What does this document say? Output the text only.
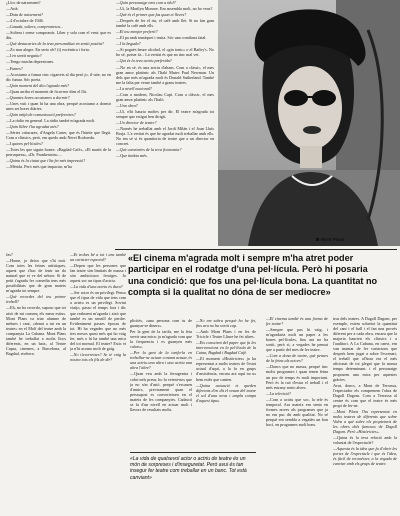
¿Lloc de naixement?

—Artà.

—Data de naixement?

—4 d'octubre de 1946.

—Casada, solters, compromesos...

—Soltera i sense compromís. Liber y sola com el vent: que es diu.

—Què destacaries de la teva personalitat en sentit positiu?

—Zo mar alegre. En serio oh? (i) excèntica i forta.

—I en sentit negatiu?

—Tengo mucha depresiones.

—Fumes?

—Acostumo a fumar cinc cigarrets al dia però jo, il·uite, no en dic fumar. Sóc poeta.

—Quin moment del dia t'agrada més?

—Quan arriba el moment de ficar-me dins el llit.

—Quantes hores acostumes a dormir?

—Unes vuit i quan hi ha una obra, perquè acostumo a dormir unes set hores diàries.

—Quin mitjà de comunicació prefereixes?

—La ràdio en general. La ràdio també m'agrada molt.

—Quin llibre t'ha agradat més?

—Sèries criturares, d'Angela Carter, que és l'hàrite que llegit. Com a clàssics, però, em quedo amb Nerei Rodoreda.

—I quines pel·lícules?

—Totes les que siguin bones: «Bagdad Cafè», «El martit de la perruquera», «Dr. Frankestein»....

—Quina és la ciutat que t'ha fet més impressió?

—Mèrida. Però més que impactar, m'ha

—Quin personatge tens com a ídol?

—Ui, la Marilyn Monroe. Em assembla molt, no ho veus?

—Què és el primer que fas quan et lleves?

—Després de fer el riu, el cafè amb llet. Si no fan gam també la cafè amb ells.

—El teu menjar preferit?

—El pa amb tomàquet i truita. Sóc una comilona fatal.

—I la beguda?

—Si poguès beure alcohol, el «gin tonic» o el Bailey's. No ho sé, potser fa... La veritat és que no tinc mal vei.

—Qui és la teva actriu preferida?

—No en sé, és una actriu d'abans. Com a clàssic, el mes gran amor platònic als l'Italó Mutec Paul Newman. Un dels que més m'agrada molt és Donald Sutherland. També me la falta per veure també a grans teatres.

—I a nivell nacional?

—Com a modern, Nicolau Capí. Com a clàssic, el mes gran amor platònic als l'Italó.

—Una obra?

—Ui, n'hi hauria moltes per dir. El teatre m'agrada tot sempre que estigui ben dirigit.

—Un director de teatre?

—Només he treballat amb el Jordi Milán i el Joan Lluís Borja. L'a veritat és que he agradat molt treballar amb ells. No em sé si és quantioria de teatre que a un director en concret.

—Què canviaries de la teva fisonomia?

—Que tindria més.

Mont Plans
«El cinema m'agrada molt i sempre m'ha atret poder participar en el rodatge d'una pel·lícula. Però hi posaria una condició: que fos una pel·lícula bona. La quantitat no compta si la qualitat no dóna de ser mediocre»

fas?

—Home, jo deixo que s'hi noti. Com totes les feines artístiques, aquest que s'hac de tenir un do natural que et ve del néixer. Si de petit t'agrada fer comedia tens més possibilitats que de gran mateix m'agrada tot sempre.

—Què recordes del teu primer treball?

—Eh, no ho recordo, suposo que tot això de mi començ els meus estius. Mont Plans va triar alumne de mètues i cant, «donat a mi en un teatre» en el Molí del teatre amb la companyia La Cubana. Mont Plans també he treballat a molts llocs diferents, en un baix, al Teatre Capsa, cinemes, a Barcelona, al Bagdad, etcètera.

—Et trobes bé a tot i ara també un caràcter especial?

—Depen que les persones que fan teatre sòn limitats de massa i són ambiciosos ferotges. Jo aquest soc un tipus d'actriu.

—La vida d'una actriu és dura?

—Ser actor és un privilegi. Penso que el tipus de vida que tens com a actriu es un privilegi. Sovint viatjo, passo el temps fora i dic que realment m'agrada i això que també es un senzill de perdre. Evidentment passes épocas de tot. Hi ha vegades que no més tres mesos quasi més qui ho vaig fer, més o hi ha també una mica del tot normal. El teatre? Estic et ja n'hi acomo molt de goig.

—No t'avorreixes? Se té vaig la nostra tots els fils de dir?

plicités, «una persona com tu de guanyar-se diners».

Per la gent de la tarifa, me la feia servir una mica: ja m'agrada com que la frequencia i es guanyen més calors».

—Per la gent de la tarifa-la en treballar-ne actuar contant actuar, és una actriu una altra i una actriu una altra l'altre?

—Quan veu amb la ferragentra i cobri nels preus, ho fa veient-nos que ja no són d'asiò, perquè s'escauen d'amics, precisament quan el pressupost es converteixen en el mateix de les companyies. Cadascú se fa d'un nivell en actuar molt i llavors de resultats molts.

—No em sobra perquè ho he fet, fins ara no ha sortit cap.

—Amb Mont Plans i en les de Tricicle i Teatre Lliure he fet altres.

—Ets conscient del paper que fa les intervencions en la pel·lícula de la Cuina, Bagdad i Bagdad Cafè.

—El moment «Històrictes» ja ha representat a molts teatres de l'estat actual d'aquí, a la fa en grups d'assistència, encara ara aquí no us hem estès que canten.

—Quina actuació et queden diferents d'en dit el resum del teatre el sol d'una nova i ampla compa d'aquest tipus.

«La vida de qualsevol actor o actriu de teatre és un món de sorpreses i d'inseguretat. Però avui és tan insegur fer teatre com treballar en un banc. Tot està canviant»

—El cinema també és una forma de fer teatre?

—Sempre que pas hi vaig, i m'agradaria molt un paper a les bones pel·lícules, fins ara no ha sortit, però si, a vegades he pensat que a partir del mes de fer teatre.

—Com a dona de teatre, què penses de la feina als actors?

—Doncs que no massa, perquè tinc molts programes i quan tenen feina un poc de temps és molt important. Però és la raó d'estar el treball i el més estrany sento altres.

—La televisió?

—Com a actriu que soc, la tele és temporal. Ara mateix em sento en formes noves als programes que ja no em puc dir amb qualitat. No sé perquè em sembla a vegades un bon bocí, en programes molt bons.

trus dels teatres. A Dagoll Dagom, per exemple, estem sobretot la quantitat del cant i el ball i el fan una provés diferent per a cada obra, encara que la majoria haurien els clàssics i a l'auditori. A La Cubana, en canvi, em van muntar de fer variacions que després hem jugat a sobre l'escenari, el treball que al'hora era el més aficionat de tot plegat que fa massa temps determinant. i el personatge proposem una mica per aquestes gràcies.

Avui, doncs, a Mont de Terrassa, l'espectador els comprenem l'obra de Dagoll Dagom. Com a Terrassa al centre és com que el teatre és més propi de fer-ne.

—Mont Plans l'ha representat en molts teatres de diferents que sobre Vidra a què sobre els propietaris de les obres dels famosos de Dagoll Dagom. Però «Històrictes».

—Quina és la teva relació amb la voluntat de l'espectacle?

—Aquesta és la idea que fa d'obrir les portes de l'espectacle i que és l'idea, és fàcil de reconèixer, a la vegada de canviar amb els grups de teatre.
